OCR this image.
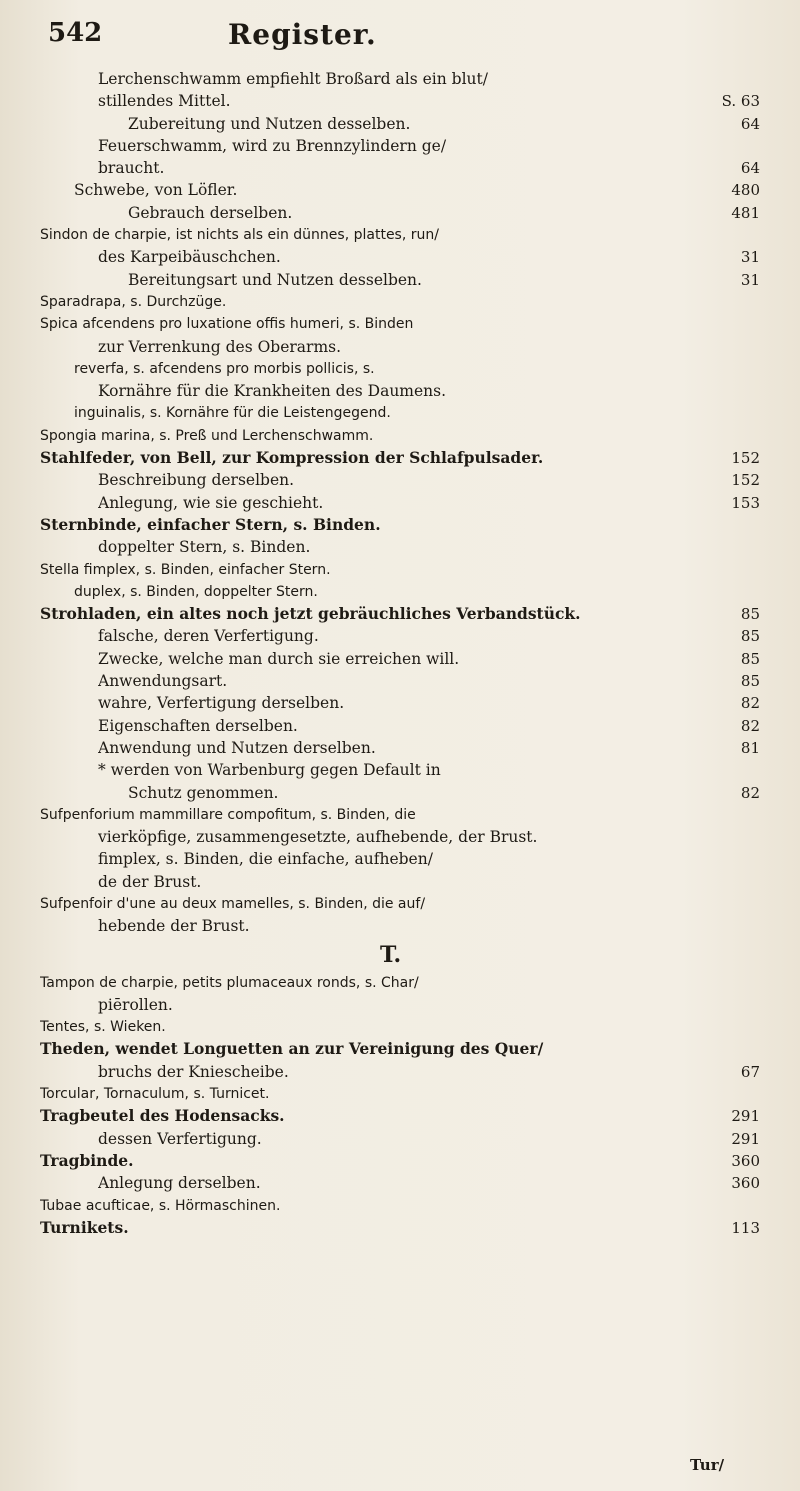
542	Register.
Lerchenschwamm empfiehlt Broßard als ein blut/
stillendes Mittel.	S. 63
Zubereitung und Nutzen desselben.	64
Feuerschwamm, wird zu Brennzylindern ge/
braucht.	64
Schwebe, von Löfler.	480
Gebrauch derselben.	481
Sindon de charpie, ist nichts als ein dünnes, plattes, run/
des Karpeibäuschchen.	31
Bereitungsart und Nutzen desselben.	31
Sparadrapa, s. Durchzüge.
Spica afcendens pro luxatione offis humeri, s. Binden
zur Verrenkung des Oberarms.
reverfa, s. afcendens pro morbis pollicis, s.
Kornähre für die Krankheiten des Daumens.
inguinalis, s. Kornähre für die Leistengegend.
Spongia marina, s. Preß und Lerchenschwamm.
Stahlfeder, von Bell, zur Kompression der Schlafpulsader.	152
Beschreibung derselben.	152
Anlegung, wie sie geschieht.	153
Sternbinde, einfacher Stern, s. Binden.
doppelter Stern, s. Binden.
Stella fimplex, s. Binden, einfacher Stern.
duplex, s. Binden, doppelter Stern.
Strohladen, ein altes noch jetzt gebräuchliches Verbandstück.	85
falsche, deren Verfertigung.	85
Zwecke, welche man durch sie erreichen will.	85
Anwendungsart.	85
wahre, Verfertigung derselben.	82
Eigenschaften derselben.	82
Anwendung und Nutzen derselben.	81
* werden von Warbenburg gegen Default in
Schutz genommen.	82
Sufpenforium mammillare compofitum, s. Binden, die
vierköpfige, zusammengesetzte, aufhebende, der Brust.
fimplex, s. Binden, die einfache, aufheben/
de der Brust.
Sufpenfoir d'une au deux mamelles, s. Binden, die auf/
hebende der Brust.
T.
Tampon de charpie, petits plumaceaux ronds, s. Char/
piērollen.
Tentes, s. Wieken.
Theden, wendet Longuetten an zur Vereinigung des Quer/
bruchs der Kniescheibe.	67
Torcular, Tornaculum, s. Turnicet.
Tragbeutel des Hodensacks.	291
dessen Verfertigung.	291
Tragbinde.	360
Anlegung derselben.	360
Tubae acufticae, s. Hörmaschinen.
Turnikets.	113
Tur/
